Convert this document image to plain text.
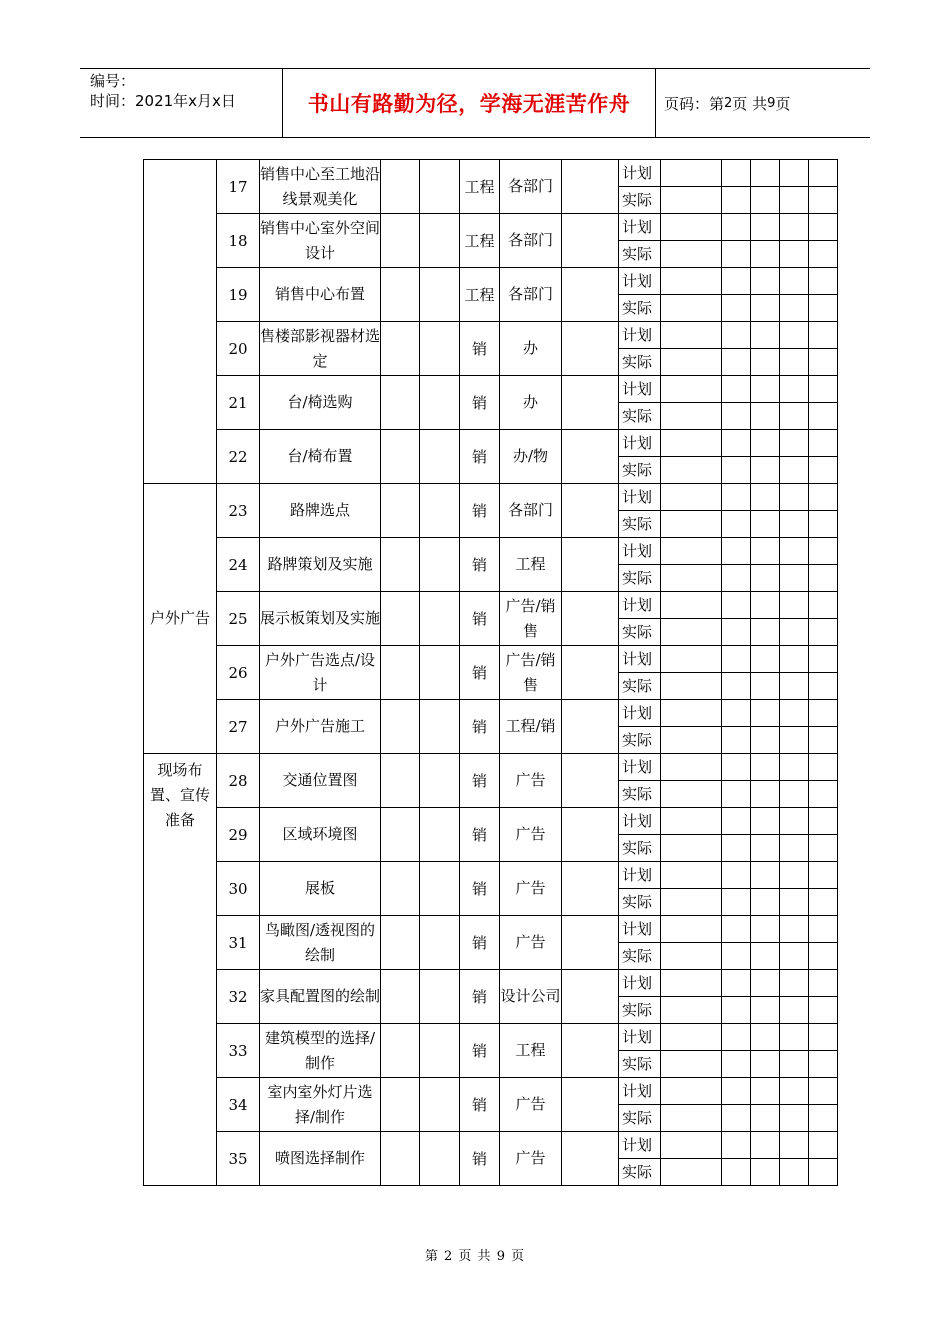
编号：
时间：2021年x月x日	书山有路勤为径，学海无涯苦作舟	页码：第 2 页 共 9 页
	17	销售中心至工地沿线景观美化			工程	各部门		计划					
								实际					
	18	销售中心室外空间设计			工程	各部门		计划					
								实际					
	19	销售中心布置			工程	各部门		计划					
								实际					
	20	售楼部影视器材选定			销	办		计划					
								实际					
	21	台/椅选购			销	办		计划					
								实际					
	22	台/椅布置			销	办/物		计划					
								实际					
户外广告	23	路牌选点			销	各部门		计划					
								实际					
	24	路牌策划及实施			销	工程		计划					
								实际					
	25	展示板策划及实施			销	广告/销售		计划					
								实际					
	26	户外广告选点/设计			销	广告/销售		计划					
								实际					
	27	户外广告施工			销	工程/销		计划					
								实际					
现场布置、宣传准备	28	交通位置图			销	广告		计划					
								实际					
	29	区域环境图			销	广告		计划					
								实际					
	30	展板			销	广告		计划					
								实际					
	31	鸟瞰图/透视图的绘制			销	广告		计划					
								实际					
	32	家具配置图的绘制			销	设计公司		计划					
								实际					
	33	建筑模型的选择/制作			销	工程		计划					
								实际					
	34	室内室外灯片选择/制作			销	广告		计划					
								实际					
	35	喷图选择制作			销	广告		计划					
								实际					
第 2 页 共 9 页
